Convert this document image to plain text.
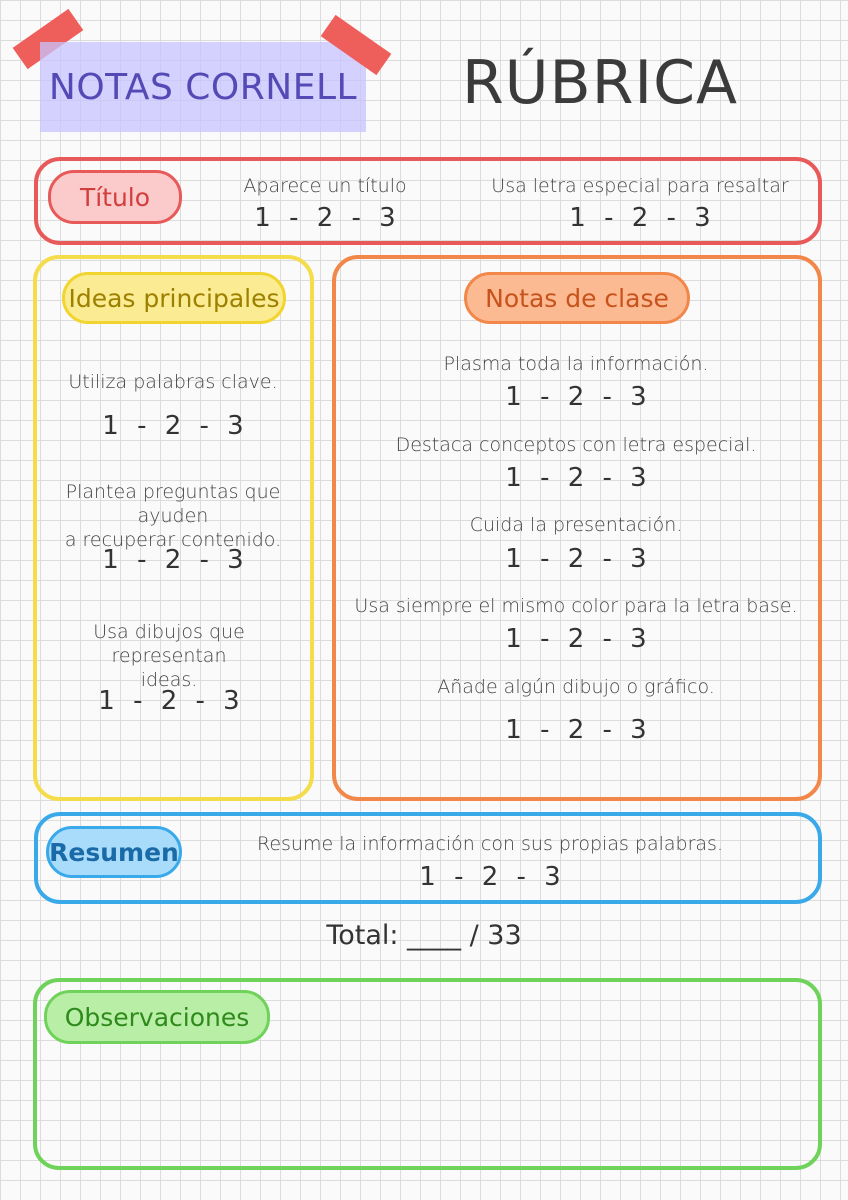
NOTAS CORNELL RÚBRICA
Título	Aparece un título
1 - 2 - 3
Usa letra especial para resaltar
1 - 2 - 3
Ideas principales
Utiliza palabras clave.
1 - 2 - 3
Plantea preguntas que ayuden
a recuperar contenido.
1 - 2 - 3
Usa dibujos que representan
ideas.
1 - 2 - 3
Notas de clase
Plasma toda la información.
1 - 2 - 3
Destaca conceptos con letra especial.
1 - 2 - 3
Cuida la presentación.
1 - 2 - 3
Usa siempre el mismo color para la letra base.
1 - 2 - 3
Añade algún dibujo o gráfico.
1 - 2 - 3
Resumen	Resume la información con sus propias palabras.
1 - 2 - 3
Total: ____ / 33
Observaciones
